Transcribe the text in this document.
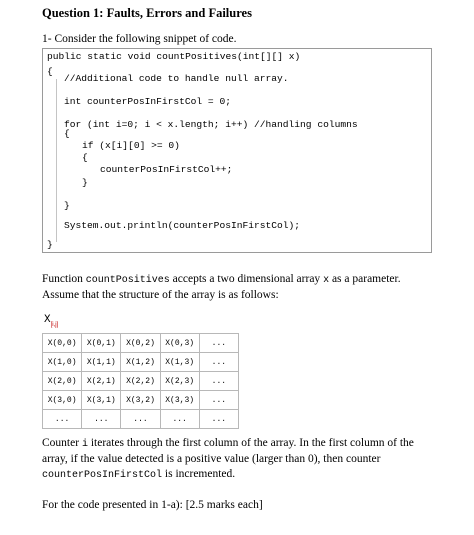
Question 1: Faults, Errors and Failures
1- Consider the following snippet of code.
public static void countPositives(int[][] x)
{
//Additional code to handle null array.
int counterPosInFirstCol = 0;
for (int i=0; i < x.length; i++) //handling columns
{
if (x[i][0] >= 0)
{
counterPosInFirstCol++;
}
}
System.out.println(counterPosInFirstCol);
}
Function countPositives accepts a two dimensional array x as a parameter. Assume that the structure of the array is as follows:
$X_{[i,j]}$
X(0,0)	X(0,1)	X(0,2)	X(0,3)	...
X(1,0)	X(1,1)	X(1,2)	X(1,3)	...
X(2,0)	X(2,1)	X(2,2)	X(2,3)	...
X(3,0)	X(3,1)	X(3,2)	X(3,3)	...
...	...	...	...	...
Counter i iterates through the first column of the array. In the first column of the array, if the value detected is a positive value (larger than 0), then counter counterPosInFirstCol is incremented.
For the code presented in 1-a): [2.5 marks each]
